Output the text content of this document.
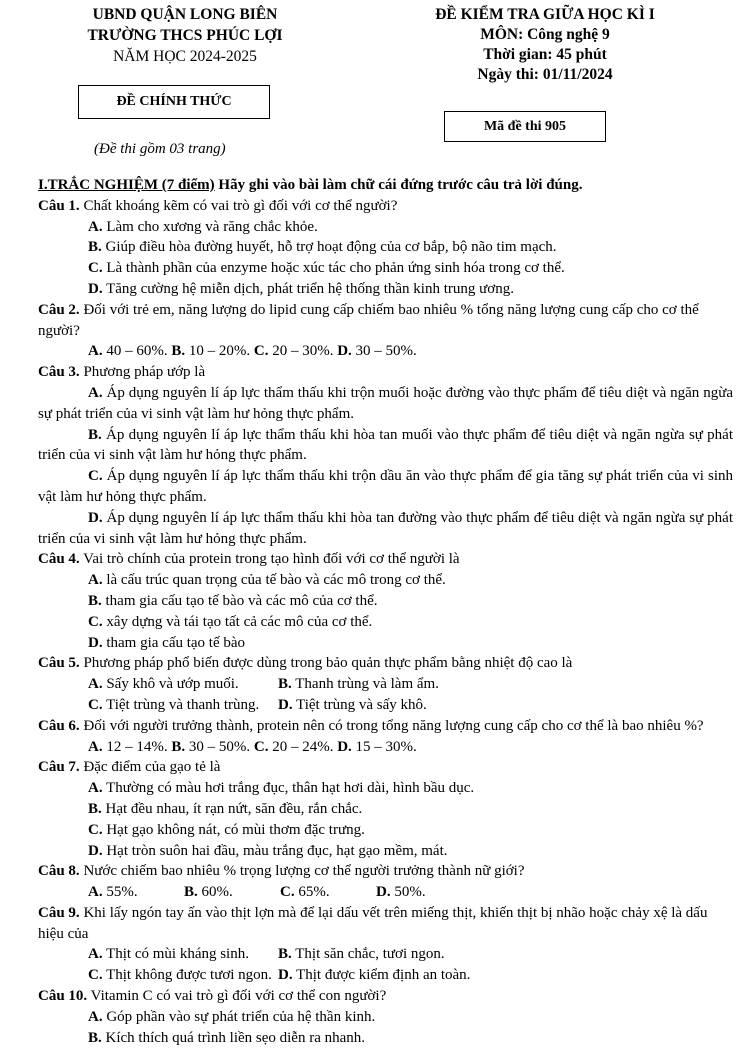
UBND QUẬN LONG BIÊN
TRƯỜNG THCS PHÚC LỢI
NĂM HỌC 2024-2025
ĐỀ CHÍNH THỨC
ĐỀ KIỂM TRA GIỮA HỌC KÌ I
MÔN: Công nghệ 9
Thời gian: 45 phút
Ngày thi: 01/11/2024
Mã đề thi 905
(Đề thi gồm 03 trang)
I.TRẮC NGHIỆM (7 điểm) Hãy ghi vào bài làm chữ cái đứng trước câu trả lời đúng.
Câu 1. Chất khoáng kẽm có vai trò gì đối với cơ thể người?
A. Làm cho xương và răng chắc khỏe.
B. Giúp điều hòa đường huyết, hỗ trợ hoạt động của cơ bắp, bộ não tim mạch.
C. Là thành phần của enzyme hoặc xúc tác cho phản ứng sinh hóa trong cơ thể.
D. Tăng cường hệ miễn dịch, phát triển hệ thống thần kinh trung ương.
Câu 2. Đối với trẻ em, năng lượng do lipid cung cấp chiếm bao nhiêu % tổng năng lượng cung cấp cho cơ thể người?
A. 40 – 60%. B. 10 – 20%. C. 20 – 30%. D. 30 – 50%.
Câu 3. Phương pháp ướp là
A. Áp dụng nguyên lí áp lực thẩm thấu khi trộn muối hoặc đường vào thực phẩm để tiêu diệt và ngăn ngừa sự phát triển của vi sinh vật làm hư hỏng thực phẩm.
B. Áp dụng nguyên lí áp lực thẩm thấu khi hòa tan muối vào thực phẩm để tiêu diệt và ngăn ngừa sự phát triển của vi sinh vật làm hư hỏng thực phẩm.
C. Áp dụng nguyên lí áp lực thẩm thấu khi trộn dầu ăn vào thực phẩm để gia tăng sự phát triển của vi sinh vật làm hư hỏng thực phẩm.
D. Áp dụng nguyên lí áp lực thẩm thấu khi hòa tan đường vào thực phẩm để tiêu diệt và ngăn ngừa sự phát triển của vi sinh vật làm hư hỏng thực phẩm.
Câu 4. Vai trò chính của protein trong tạo hình đối với cơ thể người là
A. là cấu trúc quan trọng của tế bào và các mô trong cơ thể.
B. tham gia cấu tạo tế bào và các mô của cơ thể.
C. xây dựng và tái tạo tất cả các mô của cơ thể.
D. tham gia cấu tạo tế bào
Câu 5. Phương pháp phổ biến được dùng trong bảo quản thực phẩm bằng nhiệt độ cao là
A. Sấy khô và ướp muối.	B. Thanh trùng và làm ẩm.
C. Tiệt trùng và thanh trùng. D. Tiệt trùng và sấy khô.
Câu 6. Đối với người trưởng thành, protein nên có trong tổng năng lượng cung cấp cho cơ thể là bao nhiêu %?
A. 12 – 14%. B. 30 – 50%. C. 20 – 24%. D. 15 – 30%.
Câu 7. Đặc điểm của gạo tẻ là
A. Thường có màu hơi trắng đục, thân hạt hơi dài, hình bầu dục.
B. Hạt đều nhau, ít rạn nứt, săn đều, rắn chắc.
C. Hạt gạo không nát, có mùi thơm đặc trưng.
D. Hạt tròn suôn hai đầu, màu trắng đục, hạt gạo mềm, mát.
Câu 8. Nước chiếm bao nhiêu % trọng lượng cơ thể người trưởng thành nữ giới?
A. 55%.	B. 60%.	C. 65%.	D. 50%.
Câu 9. Khi lấy ngón tay ấn vào thịt lợn mà để lại dấu vết trên miếng thịt, khiến thịt bị nhão hoặc chảy xệ là dấu hiệu của
A. Thịt có mùi kháng sinh.B. Thịt săn chắc, tươi ngon.
C. Thịt không được tươi ngon. D. Thịt được kiểm định an toàn.
Câu 10. Vitamin C có vai trò gì đối với cơ thể con người?
A. Góp phần vào sự phát triển của hệ thần kinh.
B. Kích thích quá trình liền sẹo diễn ra nhanh.
